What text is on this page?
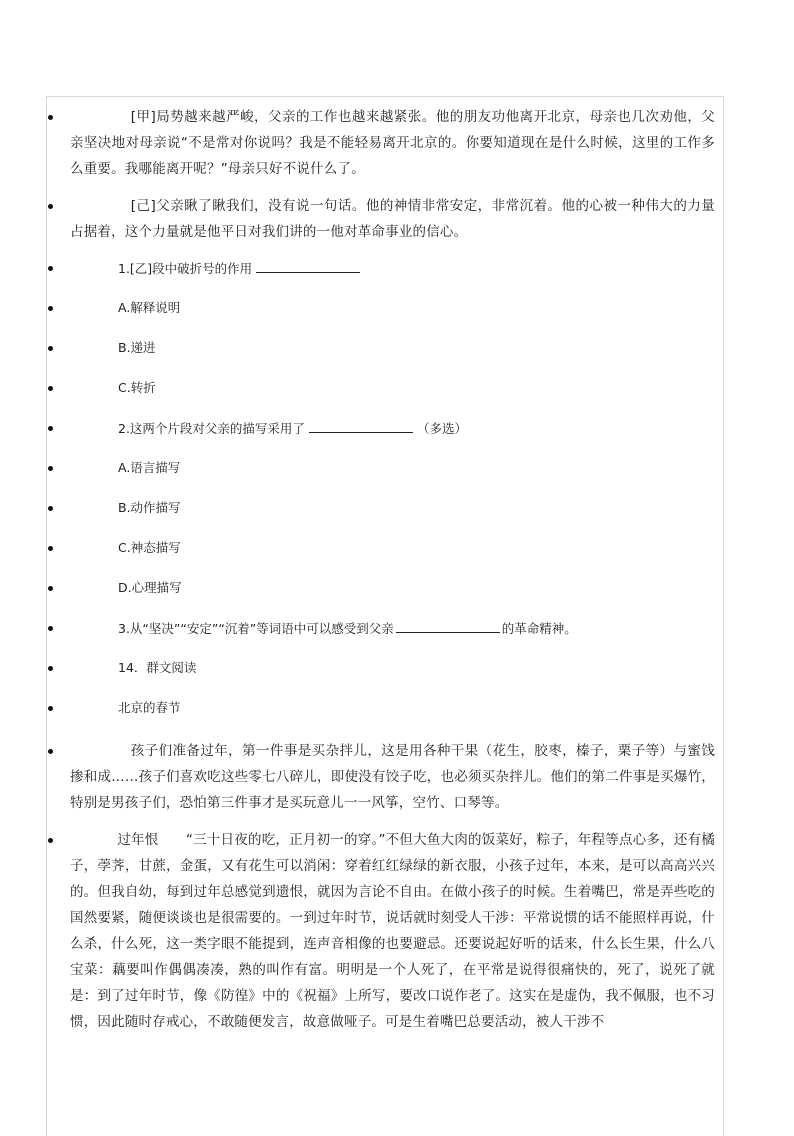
[甲]局势越来越严峻，父亲的工作也越来越紧张。他的朋友功他离开北京，母亲也几次劝他，父亲坚决地对母亲说“不是常对你说吗？我是不能轻易离开北京的。你要知道现在是什么时候，这里的工作多么重要。我哪能离开呢？”母亲只好不说什么了。

[己]父亲瞅了瞅我们，没有说一句话。他的神情非常安定，非常沉着。他的心被一种伟大的力量占据着，这个力量就是他平日对我们讲的一他对革命事业的信心。

1.[乙]段中破折号的作用
A.解释说明
B.递进
C.转折
2.这两个片段对父亲的描写采用了	（多选）
A.语言描写
B.动作描写
C.神态描写
D.心理描写
3.从“坚决”“安定”“沉着”等词语中可以感受到父亲	的革命精神。
14．群文阅读
北京的春节

孩子们准备过年，第一件事是买杂拌儿，这是用各种干果（花生，胶枣，榛子，栗子等）与蜜饯掺和成……孩子们喜欢吃这些零七八碎儿，即使没有饺子吃，也必须买杂拌儿。他们的第二件事是买爆竹，特别是男孩子们，恐怕第三件事才是买玩意儿一一风筝，空竹、口琴等。

过年恨　　“三十日夜的吃，正月初一的穿。”不但大鱼大肉的饭菜好，粽子，年程等点心多，还有橘子，荸荠，甘蔗，金蛋，又有花生可以消闲：穿着红红绿绿的新衣服，小孩子过年，本来，是可以高高兴兴的。但我自幼，每到过年总感觉到遗恨，就因为言论不自由。在做小孩子的时候。生着嘴巴，常是弄些吃的国然要紧，随便谈谈也是很需要的。一到过年时节，说话就时刻受人干涉：平常说惯的话不能照样再说，什么杀，什么死，这一类字眼不能提到，连声音相像的也要避忌。还要说起好听的话来，什么长生果，什么八宝菜：藕要叫作偶偶凑凑，熟的叫作有富。明明是一个人死了，在平常是说得很痛快的，死了，说死了就是：到了过年时节，像《防徨》中的《祝福》上所写，要改口说作老了。这实在是虚伪，我不佩服，也不习惯，因此随时存戒心，不敢随便发言，故意做哑子。可是生着嘴巴总要活动，被人干涉不
